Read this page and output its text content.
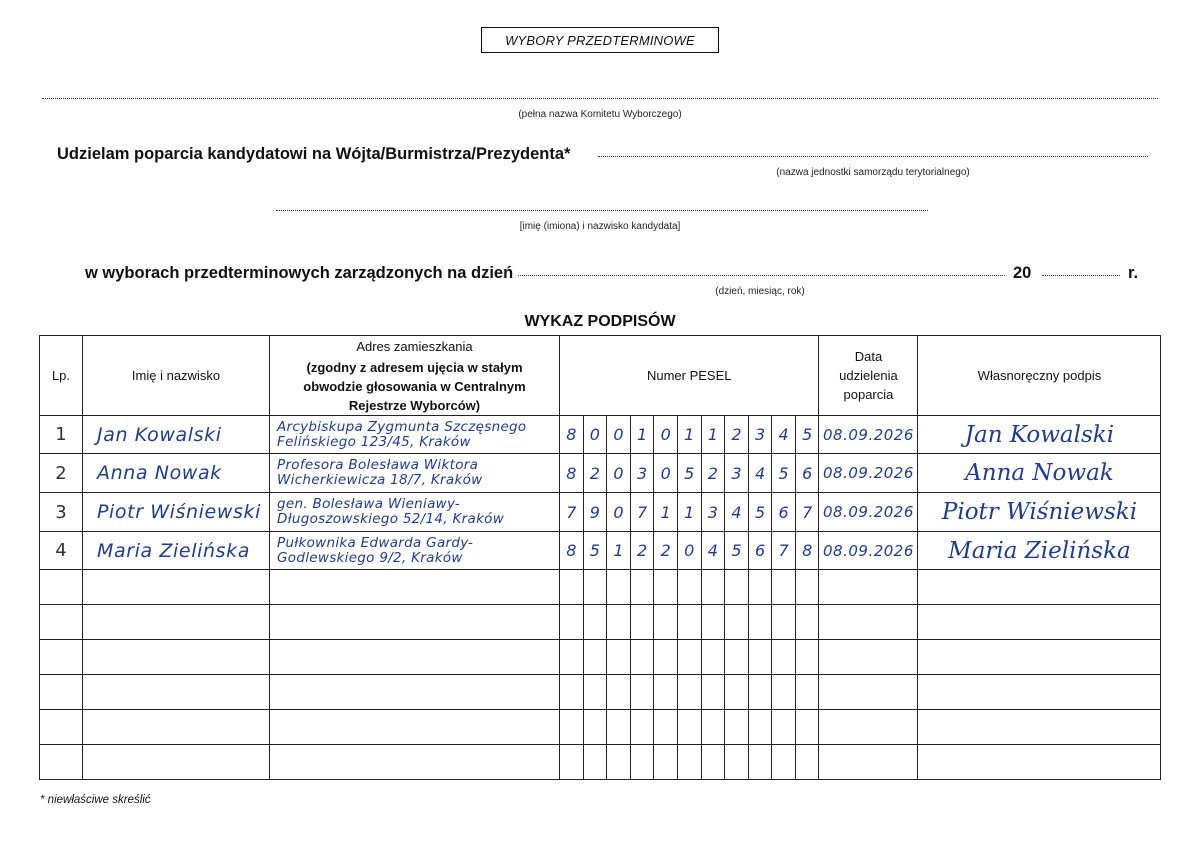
WYBORY PRZEDTERMINOWE
(pełna nazwa Komitetu Wyborczego)
Udzielam poparcia kandydatowi na Wójta/Burmistrza/Prezydenta*
(nazwa jednostki samorządu terytorialnego)
[imię (imiona) i nazwisko kandydata]
w wyborach przedterminowych zarządzonych na dzień	20	r.
(dzień, miesiąc, rok)
WYKAZ PODPISÓW
Lp.	Imię i nazwisko	Adres zamieszkania
(zgodny z adresem ujęcia w stałym obwodzie głosowania w Centralnym Rejestrze Wyborców)	Numer PESEL											Data udzielenia poparcia	Własnoręczny podpis
1	Jan Kowalski	Arcybiskupa Zygmunta Szczęsnego
Felińskiego 123/45, Kraków	8	0	0	1	0	1	1	2	3	4	5	08.09.2026	Jan Kowalski
2	Anna Nowak	Profesora Bolesława Wiktora
Wicherkiewicza 18/7, Kraków	8	2	0	3	0	5	2	3	4	5	6	08.09.2026	Anna Nowak
3	Piotr Wiśniewski	gen. Bolesława Wieniawy-
Długoszowskiego 52/14, Kraków	7	9	0	7	1	1	3	4	5	6	7	08.09.2026	Piotr Wiśniewski
4	Maria Zielińska	Pułkownika Edwarda Gardy-
Godlewskiego 9/2, Kraków	8	5	1	2	2	0	4	5	6	7	8	08.09.2026	Maria Zielińska

* niewłaściwe skreślić
